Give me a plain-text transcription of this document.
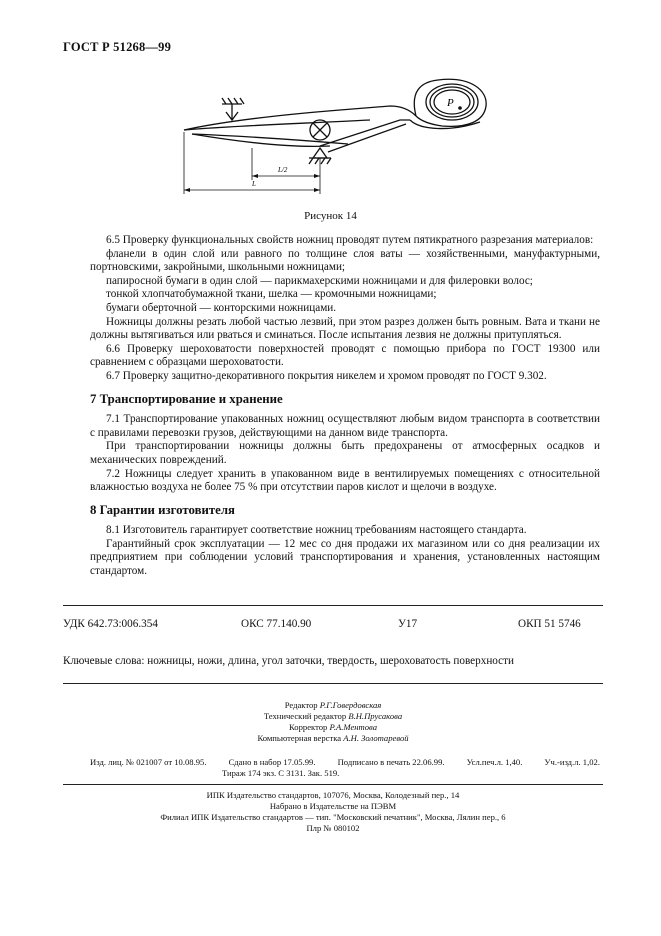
ГОСТ Р 51268—99
P
L/2
L
Рисунок 14

6.5 Проверку функциональных свойств ножниц проводят путем пятикратного разрезания материалов:

фланели в один слой или равного по толщине слоя ваты — хозяйственными, мануфактурными, портновскими, закройными, школьными ножницами;

папиросной бумаги в один слой — парикмахерскими ножницами и для филеровки волос;

тонкой хлопчатобумажной ткани, шелка — кромочными ножницами;

бумаги оберточной — конторскими ножницами.

Ножницы должны резать любой частью лезвий, при этом разрез должен быть ровным. Вата и ткани не должны вытягиваться или рваться и сминаться. После испытания лезвия не должны притупляться.

6.6 Проверку шероховатости поверхностей проводят с помощью прибора по ГОСТ 19300 или сравнением с образцами шероховатости.

6.7 Проверку защитно-декоративного покрытия никелем и хромом проводят по ГОСТ 9.302.

7 Транспортирование и хранение

7.1 Транспортирование упакованных ножниц осуществляют любым видом транспорта в соответствии с правилами перевозки грузов, действующими на данном виде транспорта.

При транспортировании ножницы должны быть предохранены от атмосферных осадков и механических повреждений.

7.2 Ножницы следует хранить в упакованном виде в вентилируемых помещениях с относительной влажностью воздуха не более 75 % при отсутствии паров кислот и щелочи в воздухе.

8 Гарантии изготовителя

8.1 Изготовитель гарантирует соответствие ножниц требованиям настоящего стандарта.

Гарантийный срок эксплуатации — 12 мес со дня продажи их магазином или со дня реализации их предприятием при соблюдении условий транспортирования и хранения, установленных настоящим стандартом.

УДК 642.73:006.354	ОКС 77.140.90	У17	ОКП 51 5746
Ключевые слова: ножницы, ножи, длина, угол заточки, твердость, шероховатость поверхности
Редактор Р.Г.Говердовская
Технический редактор В.Н.Прусакова
Корректор Р.А.Ментова
Компьютерная верстка А.Н. Золотаревой
Изд. лиц. № 021007 от 10.08.95.	Сдано в набор 17.05.99.	Подписано в печать 22.06.99.	Усл.печ.л. 1,40.	Уч.-изд.л. 1,02.
Тираж 174 экз. С 3131. Зак. 519.
ИПК Издательство стандартов, 107076, Москва, Колодезный пер., 14
Набрано в Издательстве на ПЭВМ
Филиал ИПК Издательство стандартов — тип. "Московский печатник", Москва, Лялин пер., 6
Плр № 080102
